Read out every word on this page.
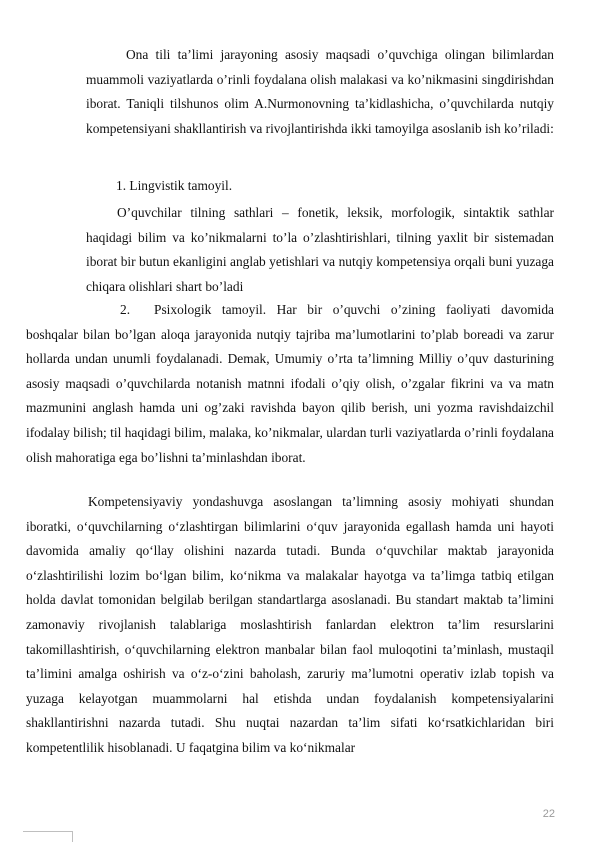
Ona tili ta’limi jarayoning asosiy maqsadi o’quvchiga olingan bilimlardan muammoli vaziyatlarda o’rinli foydalana olish malakasi va ko’nikmasini singdirishdan iborat. Taniqli tilshunos olim A.Nurmonovning ta’kidlashicha, o’quvchilarda nutqiy kompetensiyani shakllantirish va rivojlantirishda ikki tamoyilga asoslanib ish ko’riladi:

1. Lingvistik tamoyil.

O’quvchilar tilning sathlari – fonetik, leksik, morfologik, sintaktik sathlar haqidagi bilim va ko’nikmalarni to’la o’zlashtirishlari, tilning yaxlit bir sistemadan iborat bir butun ekanligini anglab yetishlari va nutqiy kompetensiya orqali buni yuzaga chiqara olishlari shart bo’ladi

2. Psixologik tamoyil. Har bir o’quvchi o’zining faoliyati davomida boshqalar bilan bo’lgan aloqa jarayonida nutqiy tajriba ma’lumotlarini to’plab boreadi va zarur hollarda undan unumli foydalanadi. Demak, Umumiy o’rta ta’limning Milliy o’quv dasturining asosiy maqsadi o’quvchilarda notanish matnni ifodali o’qiy olish, o’zgalar fikrini va va matn mazmunini anglash hamda uni og’zaki ravishda bayon qilib berish, uni yozma ravishdaizchil ifodalay bilish; til haqidagi bilim, malaka, ko’nikmalar, ulardan turli vaziyatlarda o’rinli foydalana olish mahoratiga ega bo’lishni ta’minlashdan iborat.

Kompetensiyaviy yondashuvga asoslangan ta’limning asosiy mohiyati shundan iboratki, o‘quvchilarning o‘zlashtirgan bilimlarini o‘quv jarayonida egallash hamda uni hayoti davomida amaliy qo‘llay olishini nazarda tutadi. Bunda o‘quvchilar maktab jarayonida o‘zlashtirilishi lozim bo‘lgan bilim, ko‘nikma va malakalar hayotga va ta’limga tatbiq etilgan holda davlat tomonidan belgilab berilgan standartlarga asoslanadi. Bu standart maktab ta’limini zamonaviy rivojlanish talablariga moslashtirish fanlardan elektron ta’lim resurslarini takomillashtirish, o‘quvchilarning elektron manbalar bilan faol muloqotini ta’minlash, mustaqil ta’limini amalga oshirish va o‘z-o‘zini baholash, zaruriy ma’lumotni operativ izlab topish va yuzaga kelayotgan muammolarni hal etishda undan foydalanish kompetensiyalarini shakllantirishni nazarda tutadi. Shu nuqtai nazardan ta’lim sifati ko‘rsatkichlaridan biri kompetentlilik hisoblanadi. U faqatgina bilim va ko‘nikmalar

22
